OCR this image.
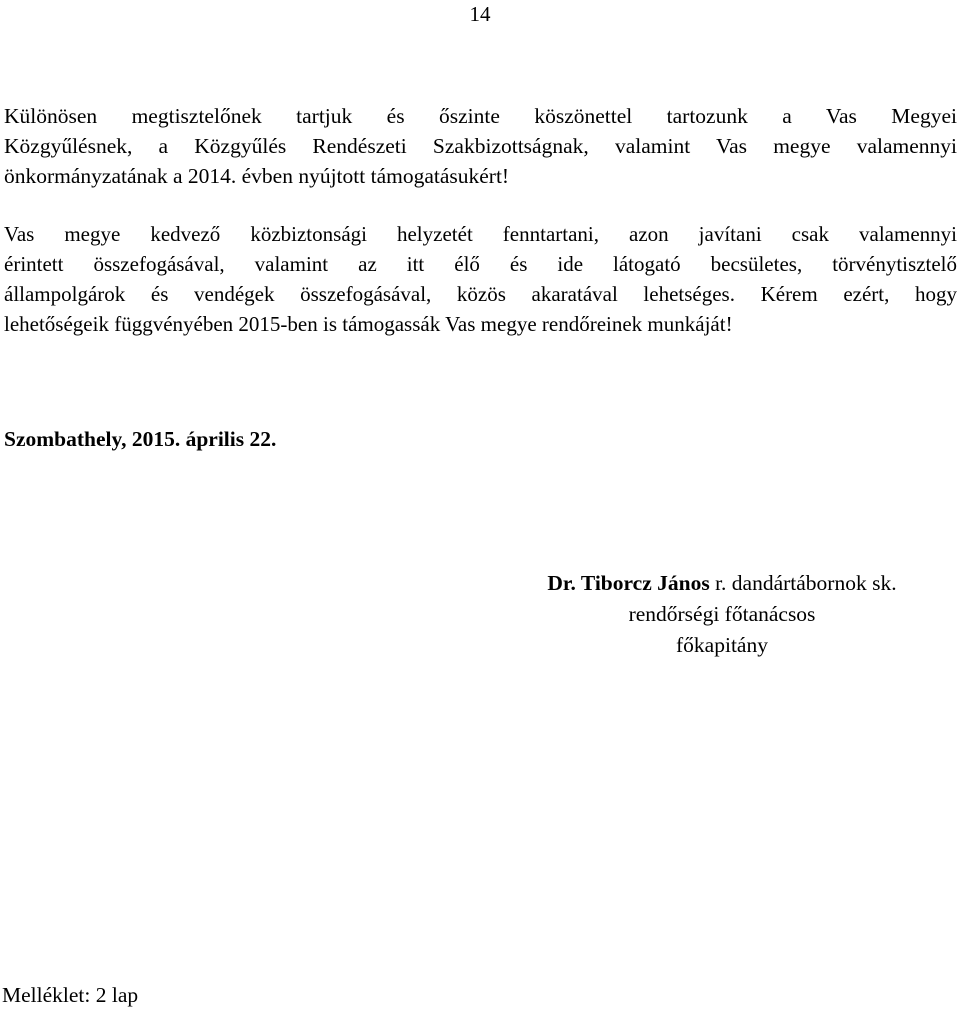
14
Különösen megtisztelőnek tartjuk és őszinte köszönettel tartozunk a Vas Megyei
Közgyűlésnek, a Közgyűlés Rendészeti Szakbizottságnak, valamint Vas megye valamennyi
önkormányzatának a 2014. évben nyújtott támogatásukért!
Vas megye kedvező közbiztonsági helyzetét fenntartani, azon javítani csak valamennyi
érintett összefogásával, valamint az itt élő és ide látogató becsületes, törvénytisztelő
állampolgárok és vendégek összefogásával, közös akaratával lehetséges. Kérem ezért, hogy
lehetőségeik függvényében 2015-ben is támogassák Vas megye rendőreinek munkáját!
Szombathely, 2015. április 22.
Dr. Tiborcz János r. dandártábornok sk.
rendőrségi főtanácsos
főkapitány
Melléklet: 2 lap
